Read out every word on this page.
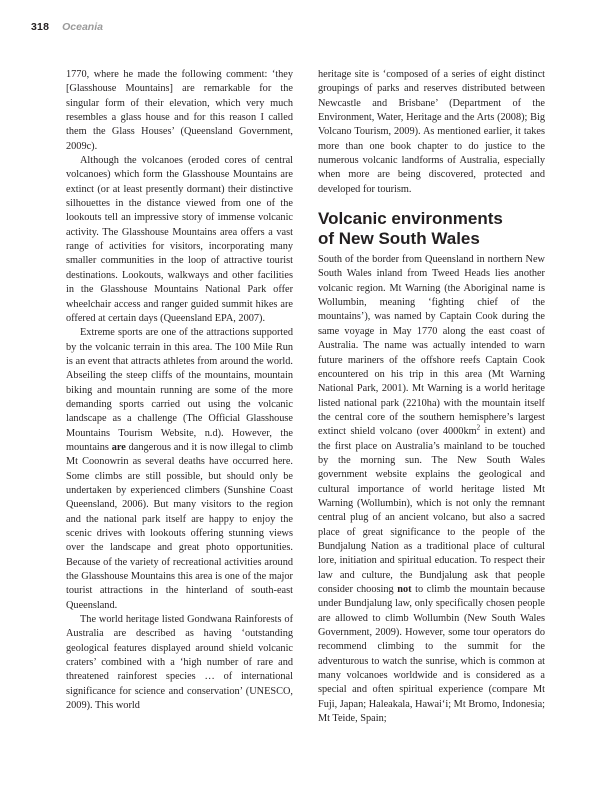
318 Oceania

1770, where he made the following comment: ‘they [Glasshouse Mountains] are remarkable for the singular form of their elevation, which very much resembles a glass house and for this reason I called them the Glass Houses’ (Queensland Government, 2009c).

Although the volcanoes (eroded cores of central volcanoes) which form the Glasshouse Mountains are extinct (or at least presently dormant) their distinctive silhouettes in the distance viewed from one of the lookouts tell an impressive story of immense volcanic activity. The Glasshouse Mountains area offers a vast range of activities for visitors, incorporating many smaller communities in the loop of attractive tourist destinations. Lookouts, walkways and other facilities in the Glasshouse Mountains National Park offer wheelchair access and ranger guided summit hikes are offered at certain days (Queensland EPA, 2007).

Extreme sports are one of the attractions supported by the volcanic terrain in this area. The 100 Mile Run is an event that attracts athletes from around the world. Abseiling the steep cliffs of the mountains, mountain biking and mountain running are some of the more demanding sports carried out using the volcanic landscape as a challenge (The Official Glasshouse Mountains Tourism Website, n.d). However, the mountains are dangerous and it is now illegal to climb Mt Coonowrin as several deaths have occurred here. Some climbs are still possible, but should only be undertaken by experienced climbers (Sunshine Coast Queensland, 2006). But many visitors to the region and the national park itself are happy to enjoy the scenic drives with lookouts offering stunning views over the landscape and great photo opportunities. Because of the variety of recreational activities around the Glasshouse Mountains this area is one of the major tourist attractions in the hinterland of south-east Queensland.

The world heritage listed Gondwana Rainforests of Australia are described as having ‘outstanding geological features displayed around shield volcanic craters’ combined with a ‘high number of rare and threatened rainforest species … of international significance for science and conservation’ (UNESCO, 2009). This world

heritage site is ‘composed of a series of eight distinct groupings of parks and reserves distributed between Newcastle and Brisbane’ (Department of the Environment, Water, Heritage and the Arts (2008); Big Volcano Tourism, 2009). As mentioned earlier, it takes more than one book chapter to do justice to the numerous volcanic landforms of Australia, especially when more are being discovered, protected and developed for tourism.

Volcanic environments
of New South Wales

South of the border from Queensland in northern New South Wales inland from Tweed Heads lies another volcanic region. Mt Warning (the Aboriginal name is Wollumbin, meaning ‘fighting chief of the mountains’), was named by Captain Cook during the same voyage in May 1770 along the east coast of Australia. The name was actually intended to warn future mariners of the offshore reefs Captain Cook encountered on his trip in this area (Mt Warning National Park, 2001). Mt Warning is a world heritage listed national park (2210ha) with the mountain itself the central core of the southern hemisphere’s largest extinct shield volcano (over $4000km^2$ in extent) and the first place on Australia’s mainland to be touched by the morning sun. The New South Wales government website explains the geological and cultural importance of world heritage listed Mt Warning (Wollumbin), which is not only the remnant central plug of an ancient volcano, but also a sacred place of great significance to the people of the Bundjalung Nation as a traditional place of cultural lore, initiation and spiritual education. To respect their law and culture, the Bundjalung ask that people consider choosing not to climb the mountain because under Bundjalung law, only specifically chosen people are allowed to climb Wollumbin (New South Wales Government, 2009). However, some tour operators do recommend climbing to the summit for the adventurous to watch the sunrise, which is common at many volcanoes worldwide and is considered as a special and often spiritual experience (compare Mt Fuji, Japan; Haleakala, Hawai‘i; Mt Bromo, Indonesia; Mt Teide, Spain;
